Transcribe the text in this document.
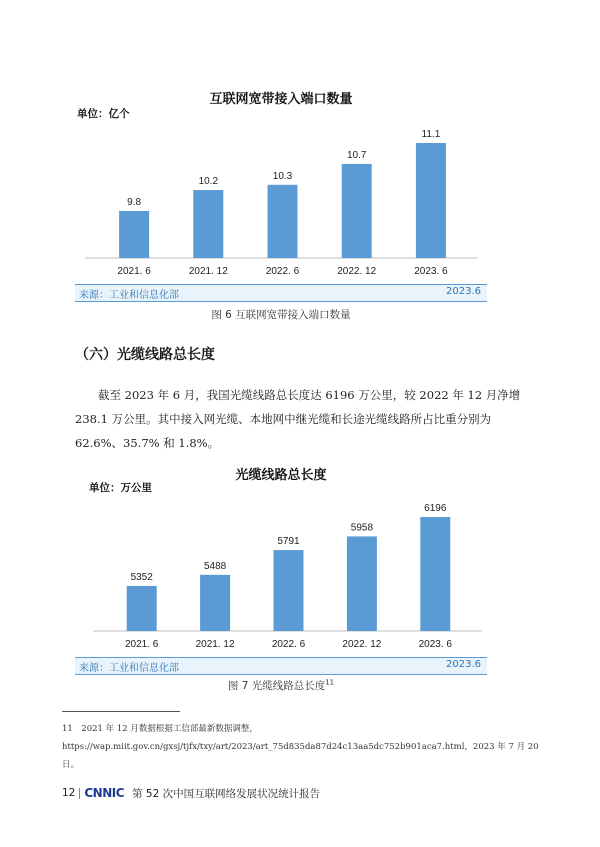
互联网宽带接入端口数量
单位：亿个
9.8
2021. 6
10.2
2021. 12
10.3
2022. 6
10.7
2022. 12
11.1
2023. 6
来源：工业和信息化部	2023.6
图 6 互联网宽带接入端口数量
（六）光缆线路总长度

截至 2023 年 6 月，我国光缆线路总长度达 6196 万公里，较 2022 年 12 月净增 238.1 万公里。其中接入网光缆、本地网中继光缆和长途光缆线路所占比重分别为 62.6%、35.7% 和 1.8%。

光缆线路总长度
单位：万公里
5352
2021. 6
5488
2021. 12
5791
2022. 6
5958
2022. 12
6196
2023. 6
来源：工业和信息化部	2023.6
图 7 光缆线路总长度$^{11}$
11　2021 年 12 月数据根据工信部最新数据调整，https://wap.miit.gov.cn/gxsj/tjfx/txy/art/2023/art_75d835da87d24c13aa5dc752b901aca7.html，2023 年 7 月 20 日。
12 CNNIC 第 52 次中国互联网络发展状况统计报告
